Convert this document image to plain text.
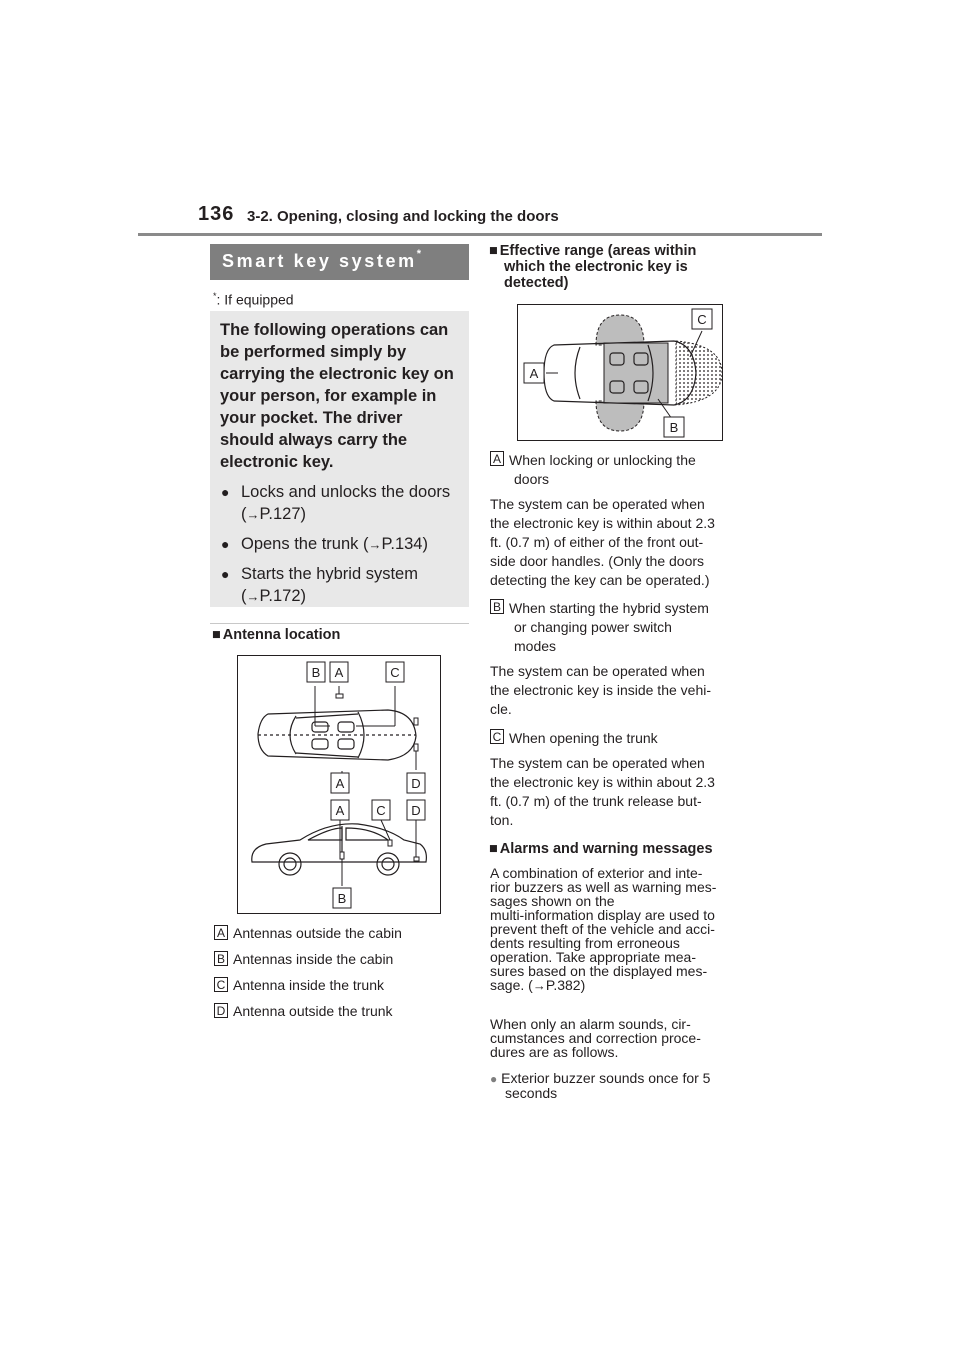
136 3-2. Opening, closing and locking the doors
Smart key system*
*: If equipped

The following operations can be performed simply by carrying the electronic key on your person, for example in your pocket. The driver should always carry the electronic key.

● Locks and unlocks the doors (→P.127)
● Opens the trunk (→P.134)
● Starts the hybrid system (→P.172)
■ Antenna location
B A	C
A	D
A C D
B
A Antennas outside the cabin
B Antennas inside the cabin
C Antenna inside the trunk
D Antenna outside the trunk
■ Effective range (areas within
which the electronic key is
detected)
A
C
B
A When locking or unlocking the
doors

The system can be operated when
the electronic key is within about 2.3
ft. (0.7 m) of either of the front out-
side door handles. (Only the doors
detecting the key can be operated.)

B When starting the hybrid system
or changing power switch
modes

The system can be operated when
the electronic key is inside the vehi-
cle.

C When opening the trunk

The system can be operated when
the electronic key is within about 2.3
ft. (0.7 m) of the trunk release but-
ton.

■ Alarms and warning messages
A combination of exterior and inte-
rior buzzers as well as warning mes-
sages shown on the
multi-information display are used to
prevent theft of the vehicle and acci-
dents resulting from erroneous
operation. Take appropriate mea-
sures based on the displayed mes-
sage. (→P.382)
When only an alarm sounds, cir-
cumstances and correction proce-
dures are as follows.
● Exterior buzzer sounds once for 5
seconds
